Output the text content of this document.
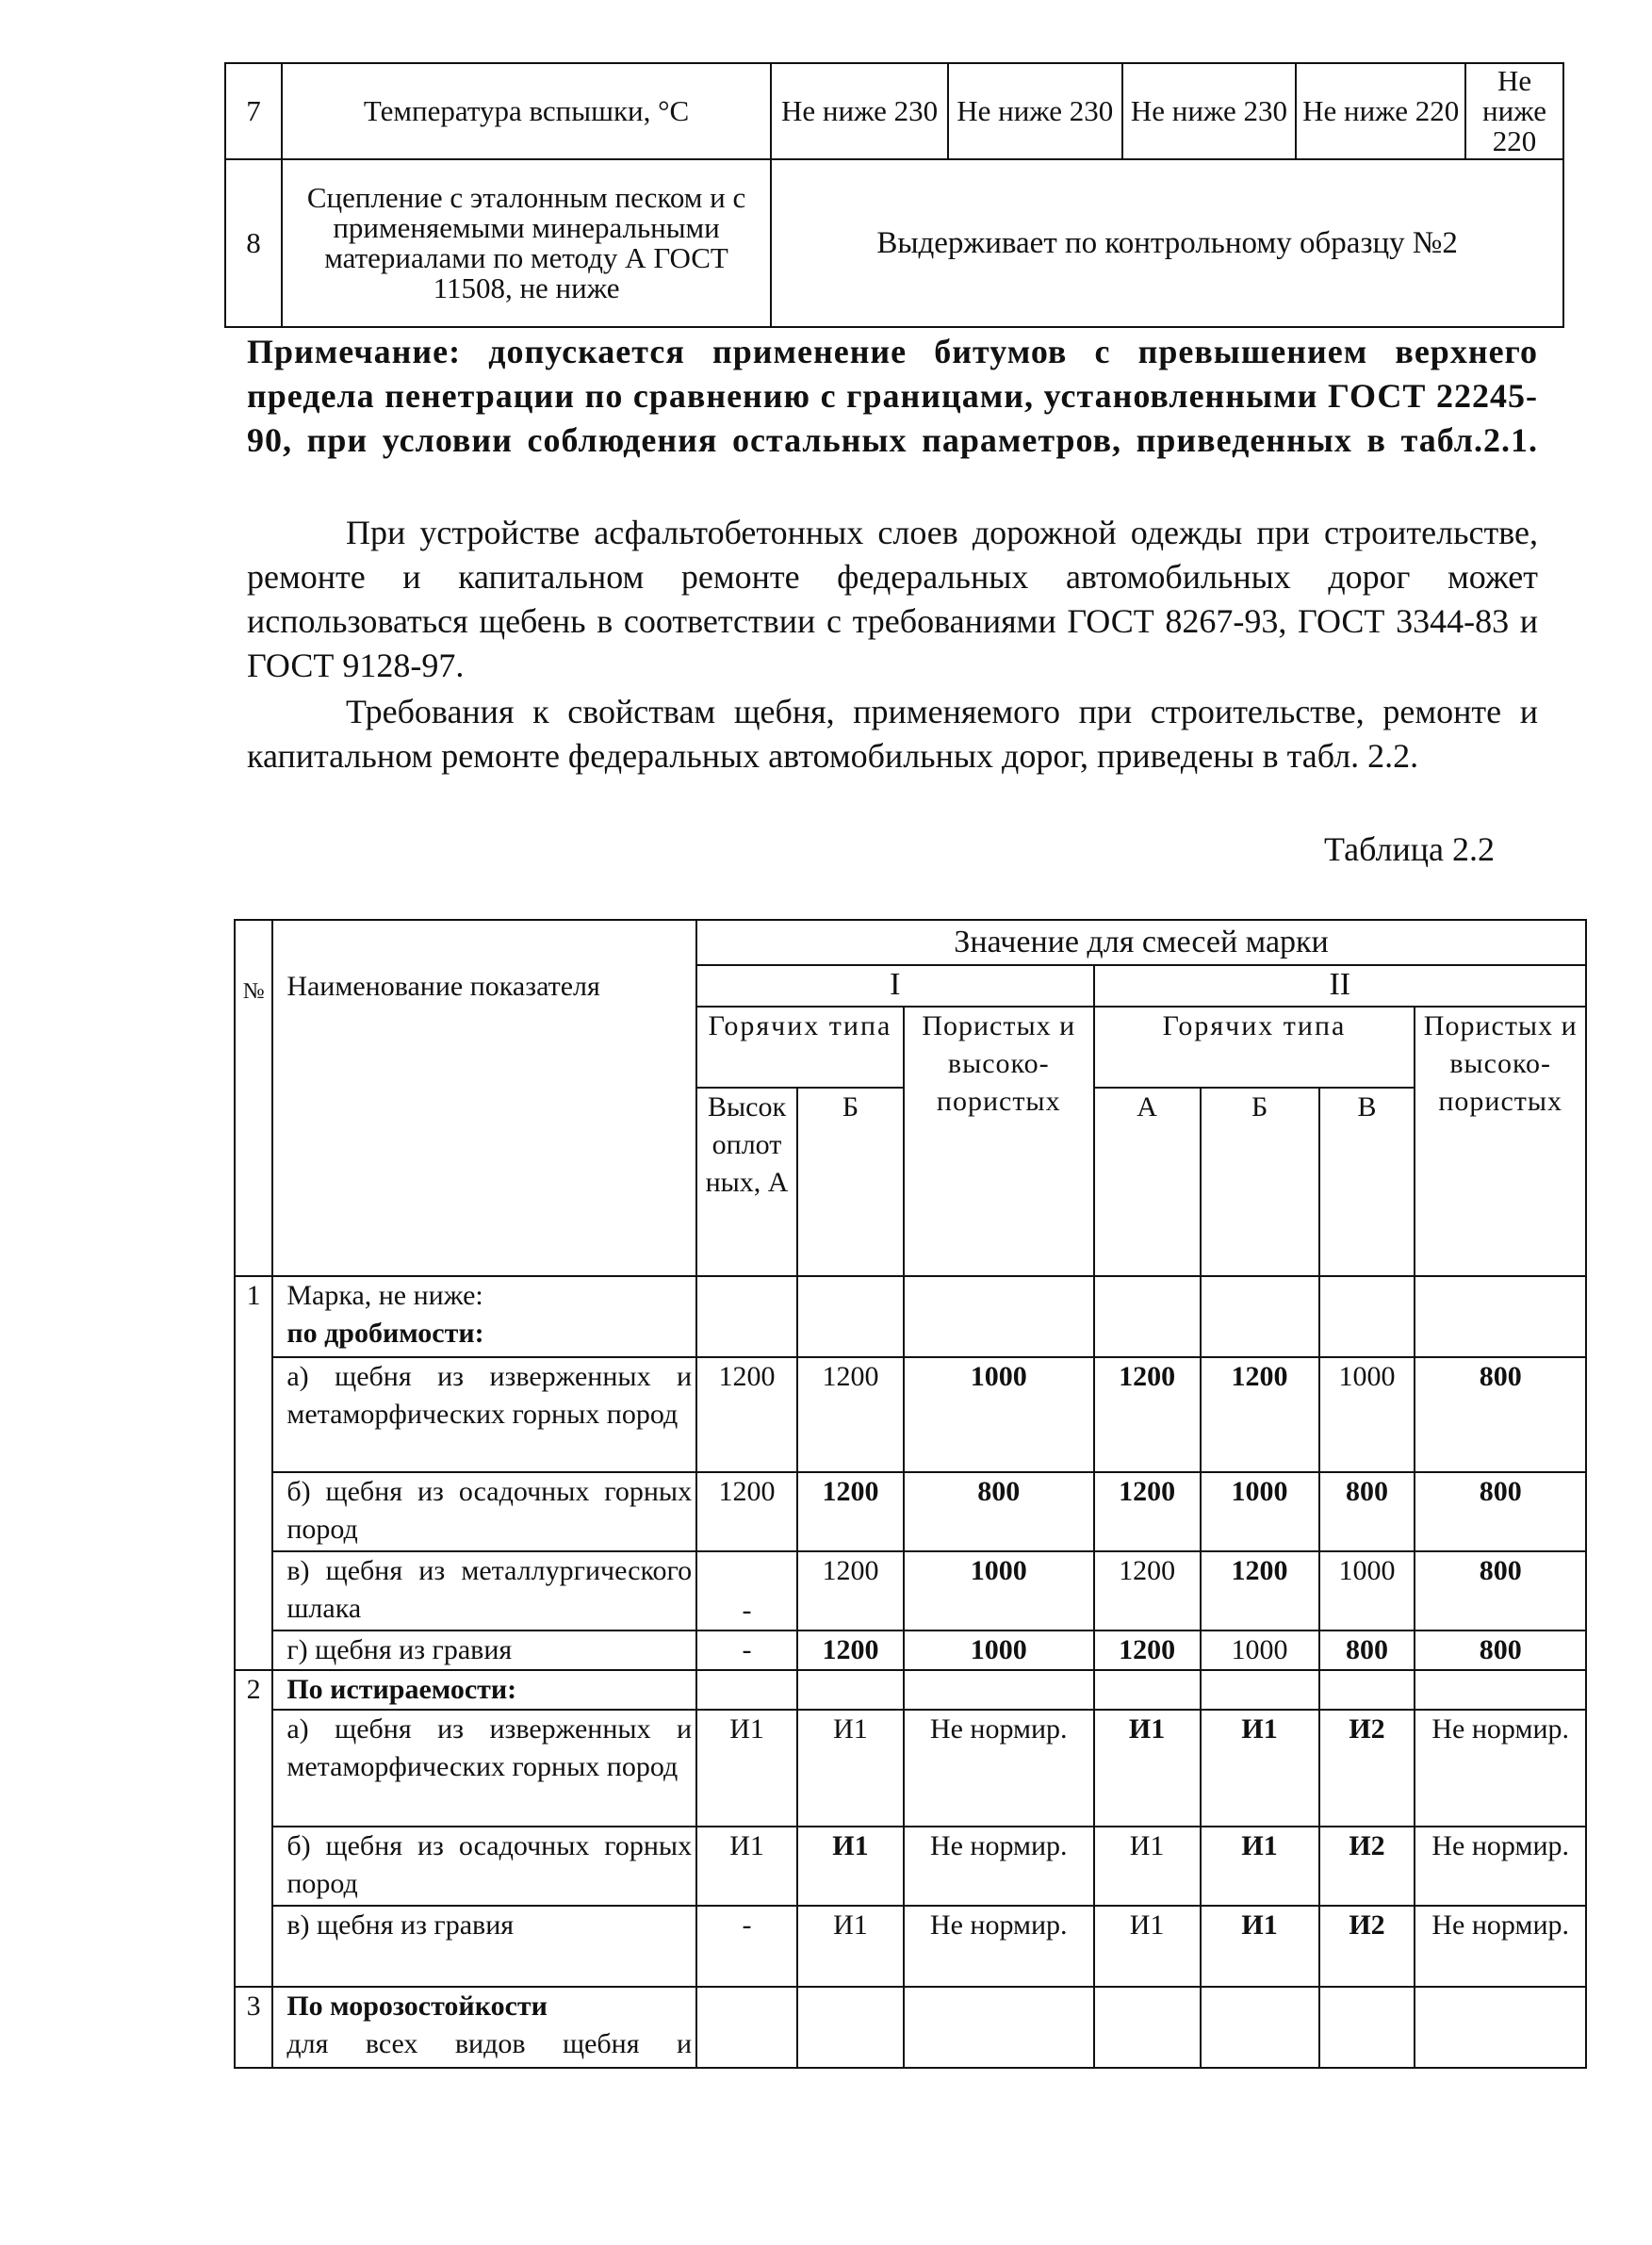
7	Температура вспышки, °С	Не ниже 230	Не ниже 230	Не ниже 230	Не ниже 220	Не ниже 220
8	Сцепление с эталонным песком и с применяемыми минеральными материалами по методу А ГОСТ 11508, не ниже	Выдерживает по контрольному образцу №2				
Примечание: допускается применение битумов с превышением верхнего предела пенетрации по сравнению с границами, установленными ГОСТ 22245-90, при условии соблюдения остальных параметров, приведенных в табл.2.1.
При устройстве асфальтобетонных слоев дорожной одежды при строительстве, ремонте и капитальном ремонте федеральных автомобильных дорог может использоваться щебень в соответствии с требованиями ГОСТ 8267-93, ГОСТ 3344-83 и ГОСТ 9128-97.
Требования к свойствам щебня, применяемого при строительстве, ремонте и капитальном ремонте федеральных автомобильных дорог, приведены в табл. 2.2.
Таблица 2.2
№	Наименование показателя	Значение для смесей марки						
		I			II			
		Горячих типа		Пористых и высоко-пористых	Горячих типа			Пористых и высоко-пористых
		Высокоплотных, А	Б		А	Б	В	
1	Марка, не ниже:
по дробимости:							

	а) щебня из изверженных и метаморфических горных пород	1200	1200	1000	1200	1200	1000	800
	б) щебня из осадочных горных пород	1200	1200	800	1200	1000	800	800
	в) щебня из металлургического шлака	-	1200	1000	1200	1200	1000	800
	г) щебня из гравия	-	1200	1000	1200	1000	800	800
2	По истираемости:							
	а) щебня из изверженных и метаморфических горных пород	И1	И1	Не нормир.	И1	И1	И2	Не нормир.
	б) щебня из осадочных горных пород	И1	И1	Не нормир.	И1	И1	И2	Не нормир.
	в) щебня из гравия	-	И1	Не нормир.	И1	И1	И2	Не нормир.
3	По морозостойкости
для всех видов щебня и							
